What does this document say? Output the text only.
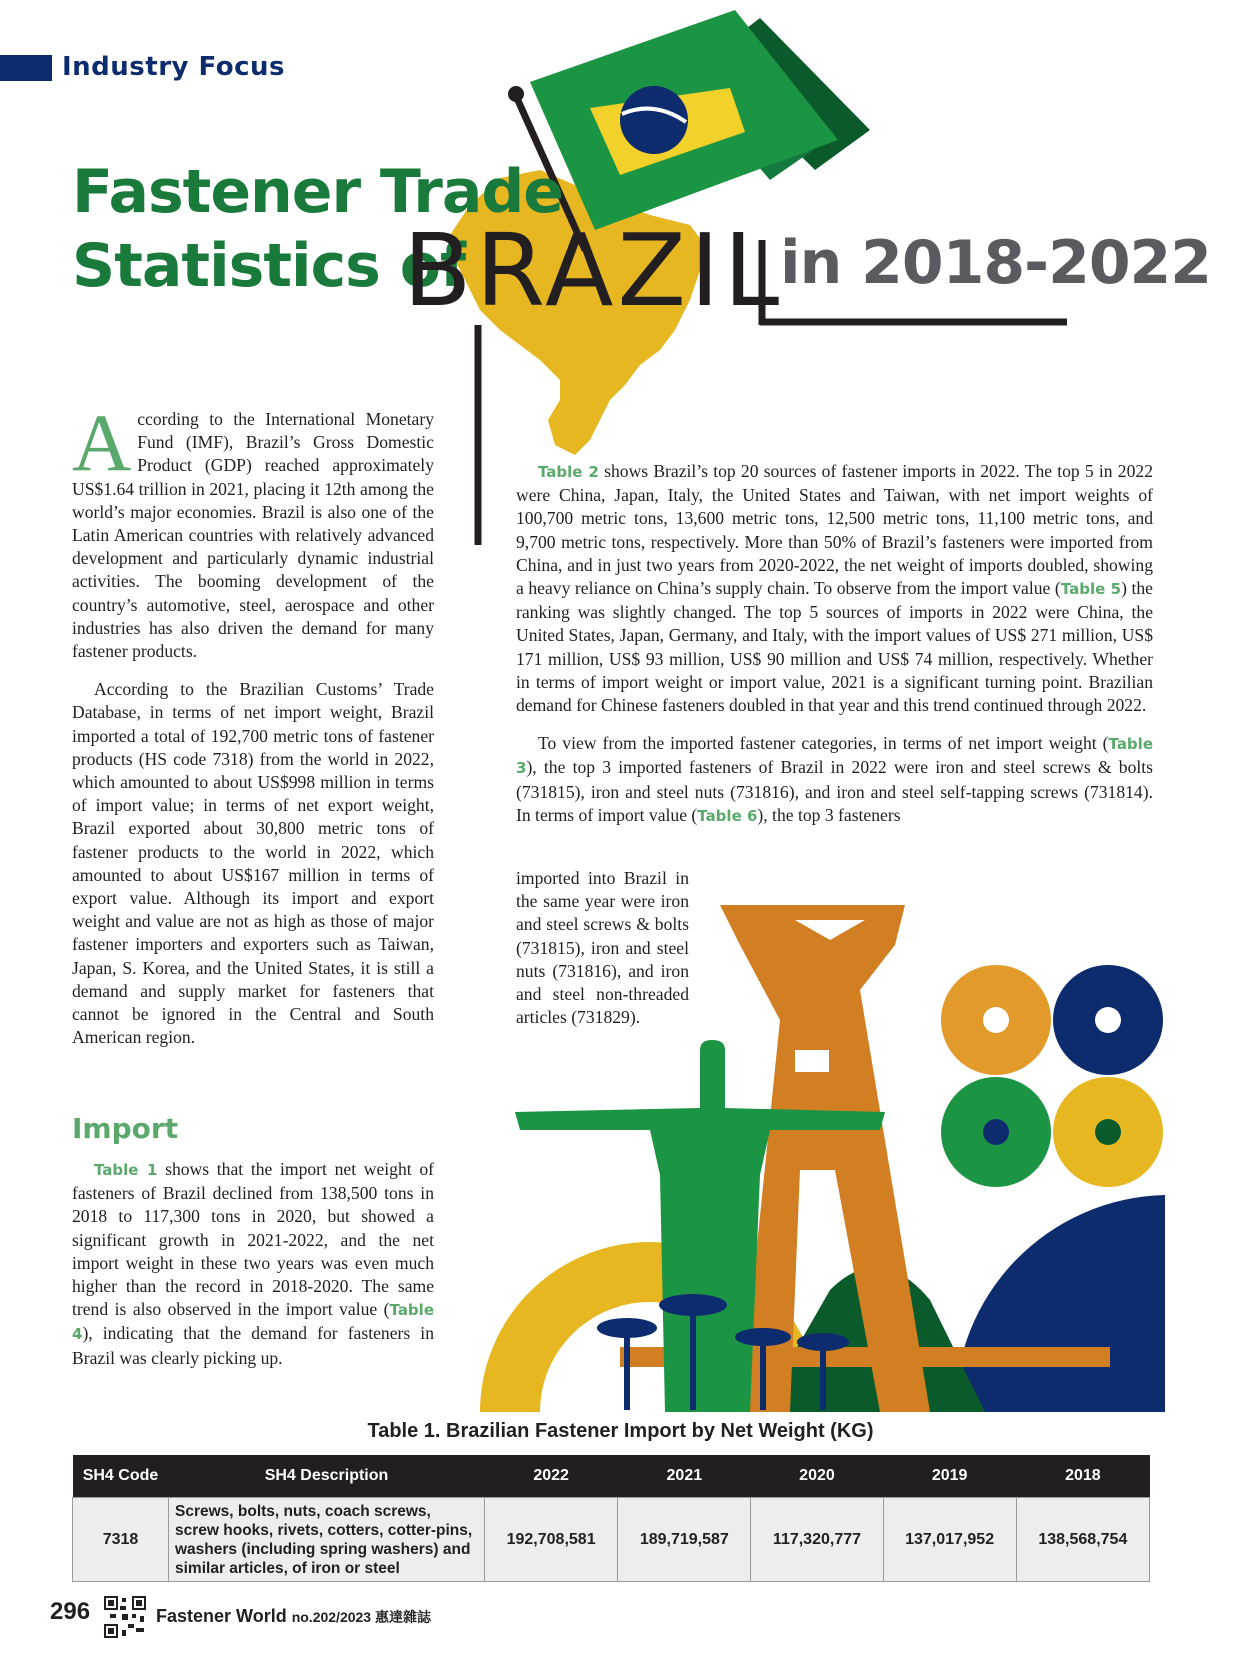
Industry Focus
Fastener Trade
Statistics of
BRAZIL
in 2018-2022

According to the International Monetary Fund (IMF), Brazil’s Gross Domestic Product (GDP) reached approximately US$1.64 trillion in 2021, placing it 12th among the world’s major economies. Brazil is also one of the Latin American countries with relatively advanced development and particularly dynamic industrial activities. The booming development of the country’s automotive, steel, aerospace and other industries has also driven the demand for many fastener products.

According to the Brazilian Customs’ Trade Database, in terms of net import weight, Brazil imported a total of 192,700 metric tons of fastener products (HS code 7318) from the world in 2022, which amounted to about US$998 million in terms of import value; in terms of net export weight, Brazil exported about 30,800 metric tons of fastener products to the world in 2022, which amounted to about US$167 million in terms of export value. Although its import and export weight and value are not as high as those of major fastener importers and exporters such as Taiwan, Japan, S. Korea, and the United States, it is still a demand and supply market for fasteners that cannot be ignored in the Central and South American region.

Import

Table 1 shows that the import net weight of fasteners of Brazil declined from 138,500 tons in 2018 to 117,300 tons in 2020, but showed a significant growth in 2021-2022, and the net import weight in these two years was even much higher than the record in 2018-2020. The same trend is also observed in the import value (Table 4), indicating that the demand for fasteners in Brazil was clearly picking up.

Table 2 shows Brazil’s top 20 sources of fastener imports in 2022. The top 5 in 2022 were China, Japan, Italy, the United States and Taiwan, with net import weights of 100,700 metric tons, 13,600 metric tons, 12,500 metric tons, 11,100 metric tons, and 9,700 metric tons, respectively. More than 50% of Brazil’s fasteners were imported from China, and in just two years from 2020-2022, the net weight of imports doubled, showing a heavy reliance on China’s supply chain. To observe from the import value (Table 5) the ranking was slightly changed. The top 5 sources of imports in 2022 were China, the United States, Japan, Germany, and Italy, with the import values of US$ 271 million, US$ 171 million, US$ 93 million, US$ 90 million and US$ 74 million, respectively. Whether in terms of import weight or import value, 2021 is a significant turning point. Brazilian demand for Chinese fasteners doubled in that year and this trend continued through 2022.

To view from the imported fastener categories, in terms of net import weight (Table 3), the top 3 imported fasteners of Brazil in 2022 were iron and steel screws & bolts (731815), iron and steel nuts (731816), and iron and steel self-tapping screws (731814). In terms of import value (Table 6), the top 3 fasteners

imported into Brazil in the same year were iron and steel screws & bolts (731815), iron and steel nuts (731816), and iron and steel non-threaded articles (731829).

Table 1. Brazilian Fastener Import by Net Weight (KG)
SH4 Code	SH4 Description	2022	2021	2020	2019	2018
7318	Screws, bolts, nuts, coach screws, screw hooks, rivets, cotters, cotter-pins, washers (including spring washers) and similar articles, of iron or steel	192,708,581	189,719,587	117,320,777	137,017,952	138,568,754
296	Fastener World no.202/2023 惠達雜誌
